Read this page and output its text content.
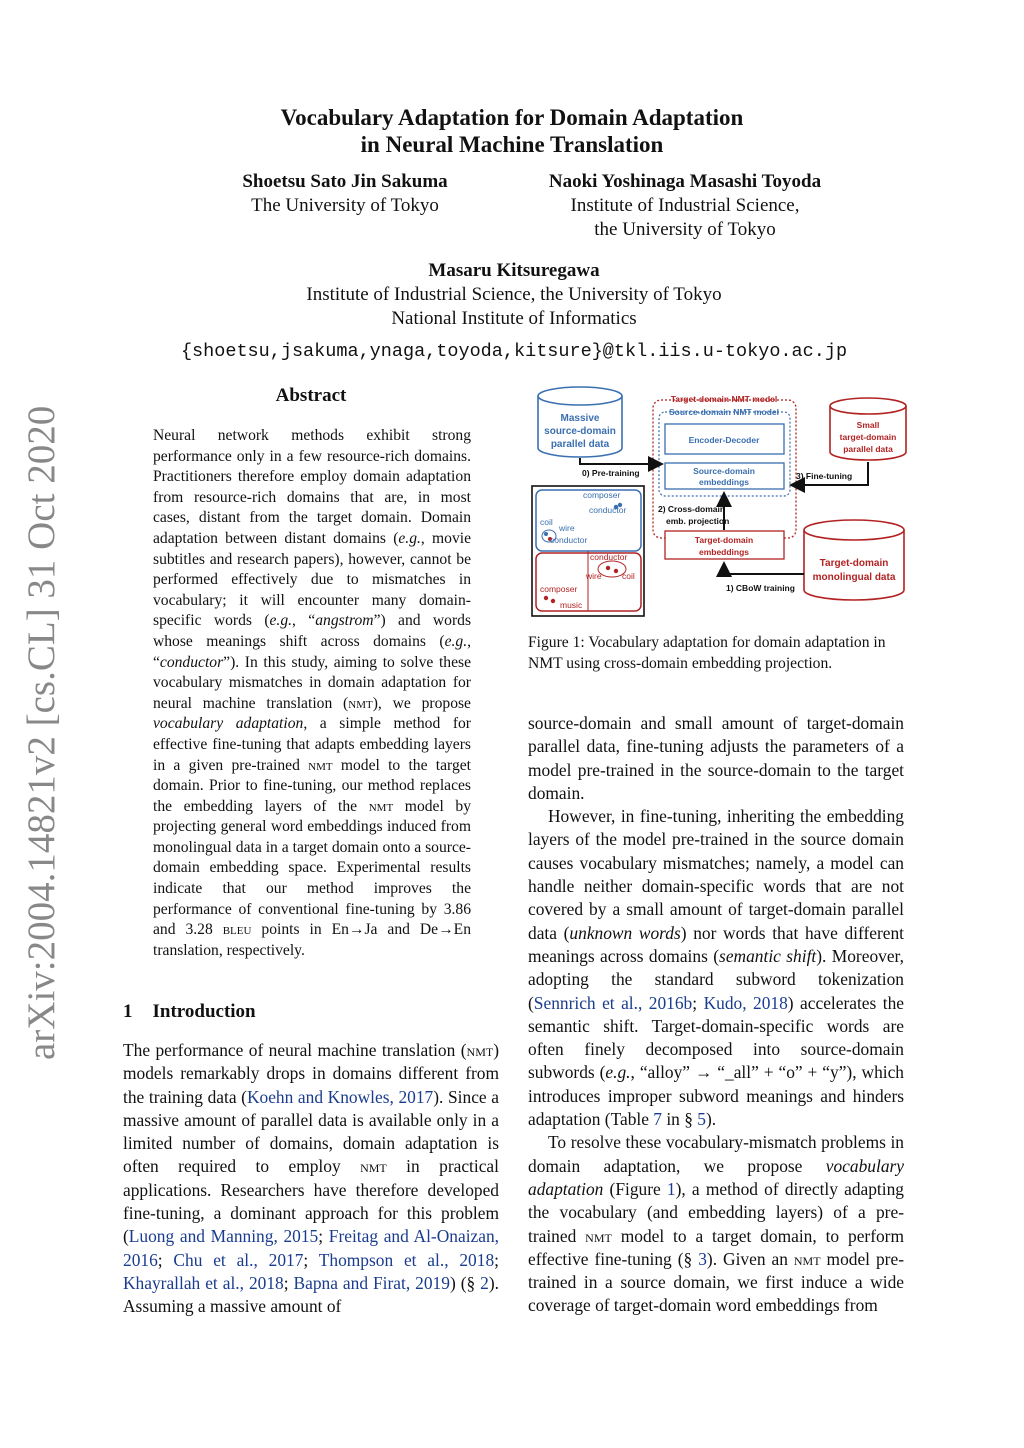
arXiv:2004.14821v2 [cs.CL] 31 Oct 2020
Vocabulary Adaptation for Domain Adaptation
in Neural Machine Translation
Shoetsu Sato Jin Sakuma
The University of Tokyo
Naoki Yoshinaga Masashi Toyoda
Institute of Industrial Science,
the University of Tokyo
Masaru Kitsuregawa
Institute of Industrial Science, the University of Tokyo
National Institute of Informatics
{shoetsu,jsakuma,ynaga,toyoda,kitsure}@tkl.iis.u-tokyo.ac.jp
Abstract
Neural network methods exhibit strong performance only in a few resource-rich domains. Practitioners therefore employ domain adaptation from resource-rich domains that are, in most cases, distant from the target domain. Domain adaptation between distant domains (e.g., movie subtitles and research papers), however, cannot be performed effectively due to mismatches in vocabulary; it will encounter many domain-specific words (e.g., “angstrom”) and words whose meanings shift across domains (e.g., “conductor”). In this study, aiming to solve these vocabulary mismatches in domain adaptation for neural machine translation (nmt), we propose vocabulary adaptation, a simple method for effective fine-tuning that adapts embedding layers in a given pre-trained nmt model to the target domain. Prior to fine-tuning, our method replaces the embedding layers of the nmt model by projecting general word embeddings induced from monolingual data in a target domain onto a source-domain embedding space. Experimental results indicate that our method improves the performance of conventional fine-tuning by 3.86 and 3.28 bleu points in En→Ja and De→En translation, respectively.
1 Introduction
The performance of neural machine translation (nmt) models remarkably drops in domains different from the training data (Koehn and Knowles, 2017). Since a massive amount of parallel data is available only in a limited number of domains, domain adaptation is often required to employ nmt in practical applications. Researchers have therefore developed fine-tuning, a dominant approach for this problem (Luong and Manning, 2015; Freitag and Al-Onaizan, 2016; Chu et al., 2017; Thompson et al., 2018; Khayrallah et al., 2018; Bapna and Firat, 2019) (§ 2). Assuming a massive amount of
Massive
source-domain
parallel data
Target-domain NMT model
Source-domain NMT model
Encoder-Decoder
Source-domain
embeddings
Target-domain
embeddings
Small
target-domain
parallel data
Target-domain
monolingual data
0) Pre-training	3) Fine-tuning
2) Cross-domain
emb. projection
1) CBoW training
composer
conductor
coil
wire
conductor
conductor
wire coil
composer
music
Figure 1: Vocabulary adaptation for domain adaptation in NMT using cross-domain embedding projection.

source-domain and small amount of target-domain parallel data, fine-tuning adjusts the parameters of a model pre-trained in the source-domain to the target domain.

However, in fine-tuning, inheriting the embedding layers of the model pre-trained in the source domain causes vocabulary mismatches; namely, a model can handle neither domain-specific words that are not covered by a small amount of target-domain parallel data (unknown words) nor words that have different meanings across domains (semantic shift). Moreover, adopting the standard subword tokenization (Sennrich et al., 2016b; Kudo, 2018) accelerates the semantic shift. Target-domain-specific words are often finely decomposed into source-domain subwords (e.g., “alloy” → “_all” + “o” + “y”), which introduces improper subword meanings and hinders adaptation (Table 7 in § 5).

To resolve these vocabulary-mismatch problems in domain adaptation, we propose vocabulary adaptation (Figure 1), a method of directly adapting the vocabulary (and embedding layers) of a pre-trained nmt model to a target domain, to perform effective fine-tuning (§ 3). Given an nmt model pre-trained in a source domain, we first induce a wide coverage of target-domain word embeddings from
